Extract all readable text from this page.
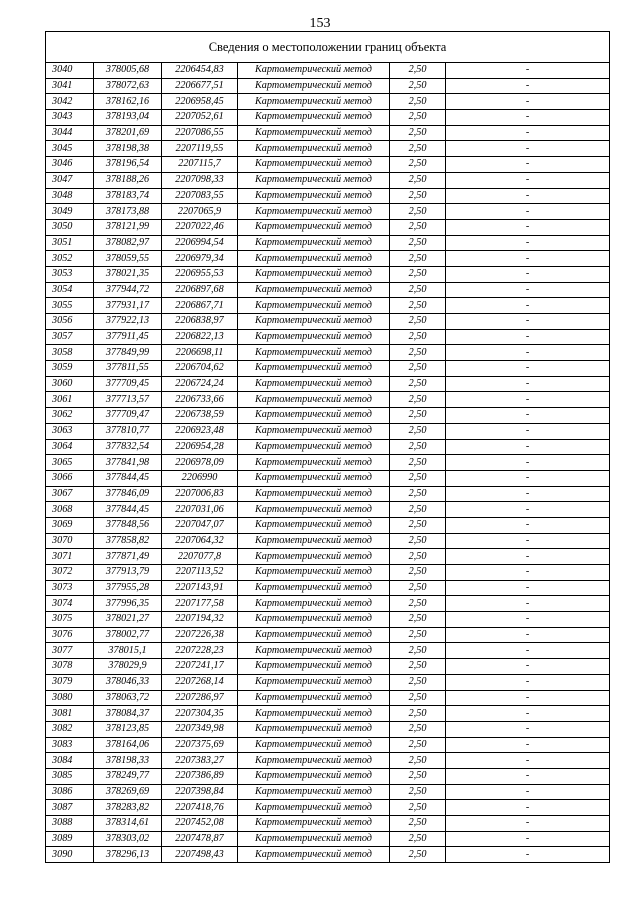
153
Сведения о местоположении границ объекта					
3040	378005,68	2206454,83	Картометрический метод	2,50	-
3041	378072,63	2206677,51	Картометрический метод	2,50	-
3042	378162,16	2206958,45	Картометрический метод	2,50	-
3043	378193,04	2207052,61	Картометрический метод	2,50	-
3044	378201,69	2207086,55	Картометрический метод	2,50	-
3045	378198,38	2207119,55	Картометрический метод	2,50	-
3046	378196,54	2207115,7	Картометрический метод	2,50	-
3047	378188,26	2207098,33	Картометрический метод	2,50	-
3048	378183,74	2207083,55	Картометрический метод	2,50	-
3049	378173,88	2207065,9	Картометрический метод	2,50	-
3050	378121,99	2207022,46	Картометрический метод	2,50	-
3051	378082,97	2206994,54	Картометрический метод	2,50	-
3052	378059,55	2206979,34	Картометрический метод	2,50	-
3053	378021,35	2206955,53	Картометрический метод	2,50	-
3054	377944,72	2206897,68	Картометрический метод	2,50	-
3055	377931,17	2206867,71	Картометрический метод	2,50	-
3056	377922,13	2206838,97	Картометрический метод	2,50	-
3057	377911,45	2206822,13	Картометрический метод	2,50	-
3058	377849,99	2206698,11	Картометрический метод	2,50	-
3059	377811,55	2206704,62	Картометрический метод	2,50	-
3060	377709,45	2206724,24	Картометрический метод	2,50	-
3061	377713,57	2206733,66	Картометрический метод	2,50	-
3062	377709,47	2206738,59	Картометрический метод	2,50	-
3063	377810,77	2206923,48	Картометрический метод	2,50	-
3064	377832,54	2206954,28	Картометрический метод	2,50	-
3065	377841,98	2206978,09	Картометрический метод	2,50	-
3066	377844,45	2206990	Картометрический метод	2,50	-
3067	377846,09	2207006,83	Картометрический метод	2,50	-
3068	377844,45	2207031,06	Картометрический метод	2,50	-
3069	377848,56	2207047,07	Картометрический метод	2,50	-
3070	377858,82	2207064,32	Картометрический метод	2,50	-
3071	377871,49	2207077,8	Картометрический метод	2,50	-
3072	377913,79	2207113,52	Картометрический метод	2,50	-
3073	377955,28	2207143,91	Картометрический метод	2,50	-
3074	377996,35	2207177,58	Картометрический метод	2,50	-
3075	378021,27	2207194,32	Картометрический метод	2,50	-
3076	378002,77	2207226,38	Картометрический метод	2,50	-
3077	378015,1	2207228,23	Картометрический метод	2,50	-
3078	378029,9	2207241,17	Картометрический метод	2,50	-
3079	378046,33	2207268,14	Картометрический метод	2,50	-
3080	378063,72	2207286,97	Картометрический метод	2,50	-
3081	378084,37	2207304,35	Картометрический метод	2,50	-
3082	378123,85	2207349,98	Картометрический метод	2,50	-
3083	378164,06	2207375,69	Картометрический метод	2,50	-
3084	378198,33	2207383,27	Картометрический метод	2,50	-
3085	378249,77	2207386,89	Картометрический метод	2,50	-
3086	378269,69	2207398,84	Картометрический метод	2,50	-
3087	378283,82	2207418,76	Картометрический метод	2,50	-
3088	378314,61	2207452,08	Картометрический метод	2,50	-
3089	378303,02	2207478,87	Картометрический метод	2,50	-
3090	378296,13	2207498,43	Картометрический метод	2,50	-
